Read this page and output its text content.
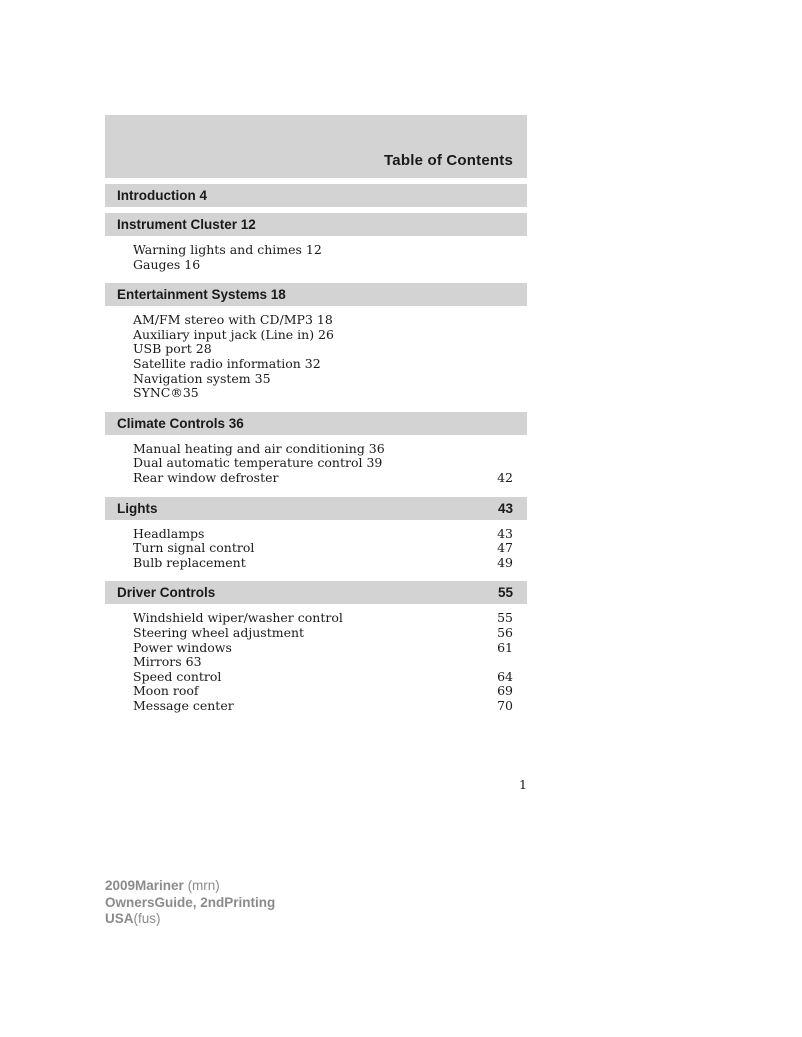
Table of Contents
Introduction 4
Instrument Cluster 12
Warning lights and chimes 12
Gauges 16
Entertainment Systems 18
AM/FM stereo with CD/MP3 18
Auxiliary input jack (Line in) 26
USB port 28
Satellite radio information 32
Navigation system 35
SYNC®35
Climate Controls 36
Manual heating and air conditioning 36
Dual automatic temperature control 39
Rear window defroster	42
Lights	43
Headlamps	43
Turn signal control	47
Bulb replacement	49
Driver Controls	55
Windshield wiper/washer control	55
Steering wheel adjustment	56
Power windows	61
Mirrors 63
Speed control	64
Moon roof	69
Message center	70
1
2009Mariner (mrn)
OwnersGuide, 2ndPrinting
USA(fus)
